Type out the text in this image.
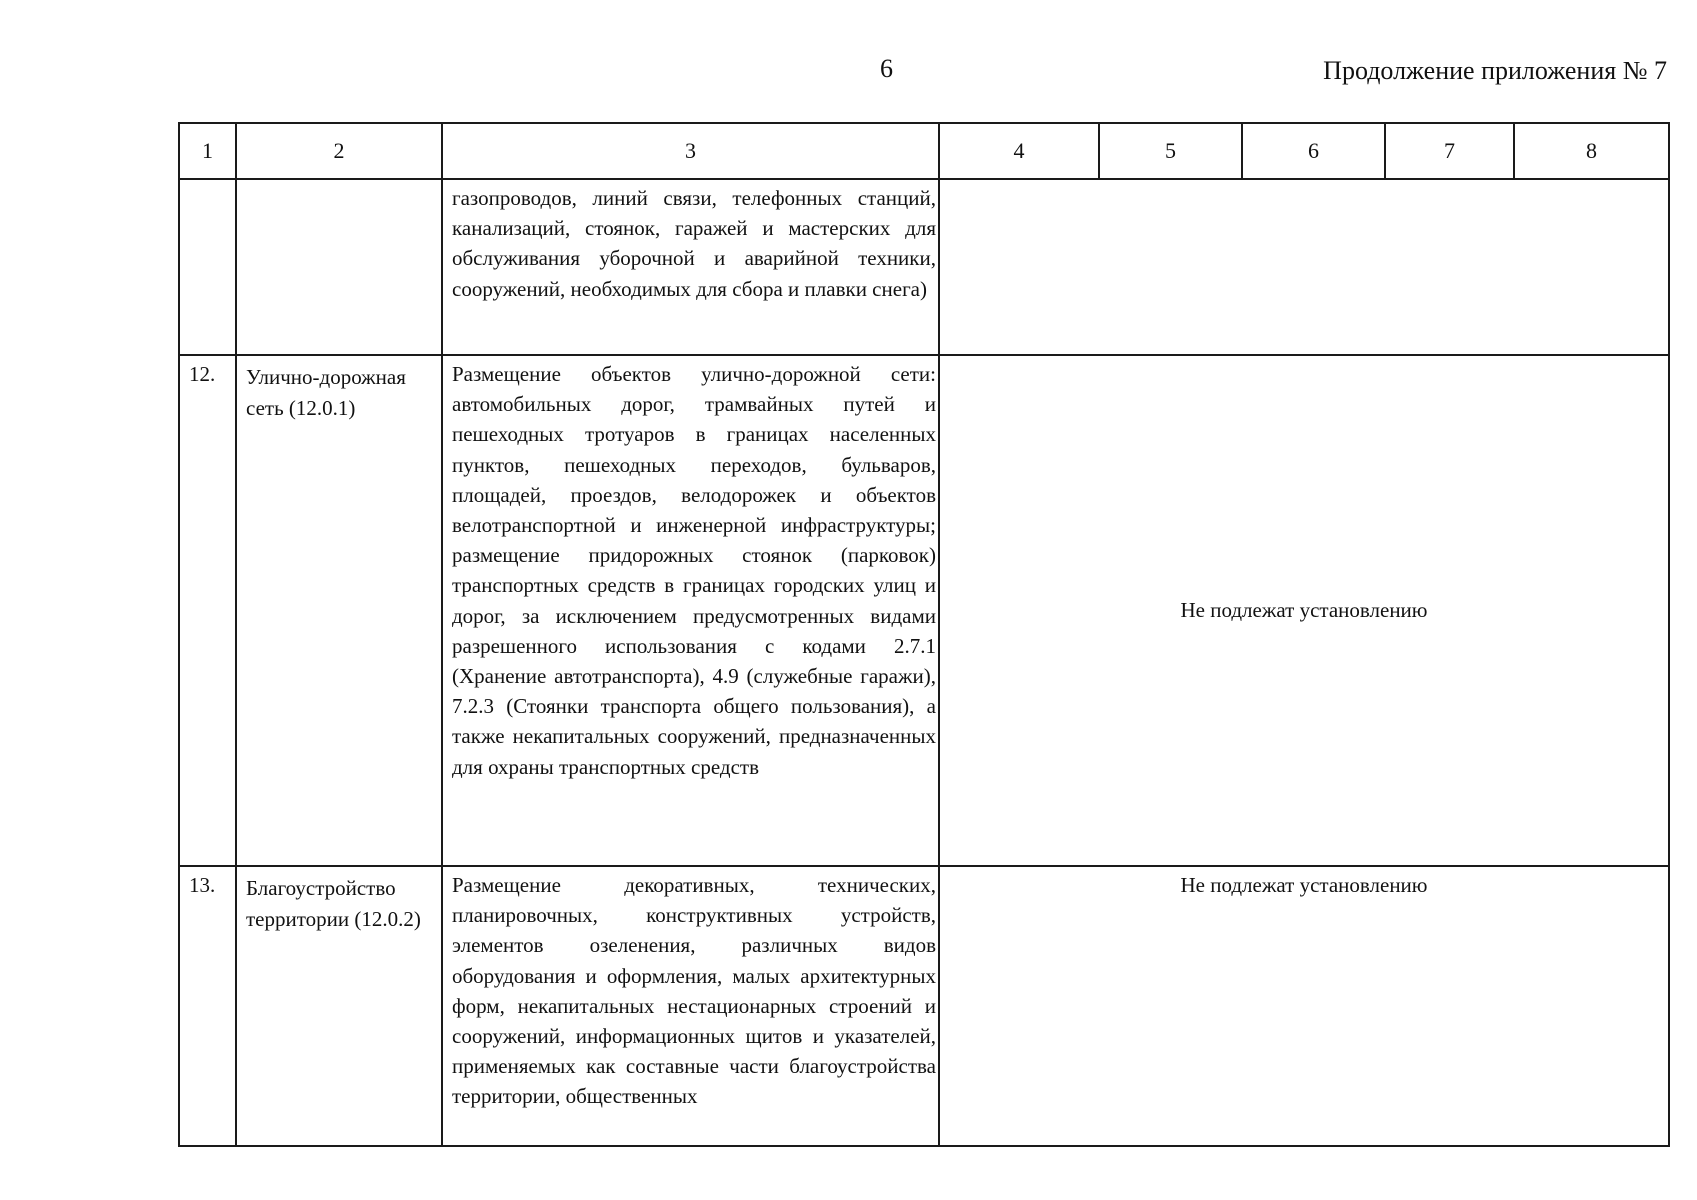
6	Продолжение приложения № 7
1	2	3	4	5	6	7	8
		газопроводов, линий связи, телефонных станций, канализаций, стоянок, гаражей и мастерских для обслуживания уборочной и аварийной техники, сооружений, необходимых для сбора и плавки снега)					
12.	Улично-дорожная сеть (12.0.1)	Размещение объектов улично-дорожной сети: автомобильных дорог, трамвайных путей и пешеходных тротуаров в границах населенных пунктов, пешеходных переходов, бульваров, площадей, проездов, велодорожек и объектов велотранспортной и инженерной инфраструктуры; размещение придорожных стоянок (парковок) транспортных средств в границах городских улиц и дорог, за исключением предусмотренных видами разрешенного использования с кодами 2.7.1 (Хранение автотранспорта), 4.9 (служебные гаражи), 7.2.3 (Стоянки транспорта общего пользования), а также некапитальных сооружений, предназначенных для охраны транспортных средств	Не подлежат установлению				
13.	Благоустройство территории (12.0.2)	Размещение декоративных, технических, планировочных, конструктивных устройств, элементов озеленения, различных видов оборудования и оформления, малых архитектурных форм, некапитальных нестационарных строений и сооружений, информационных щитов и указателей, применяемых как составные части благоустройства территории, общественных	Не подлежат установлению				
